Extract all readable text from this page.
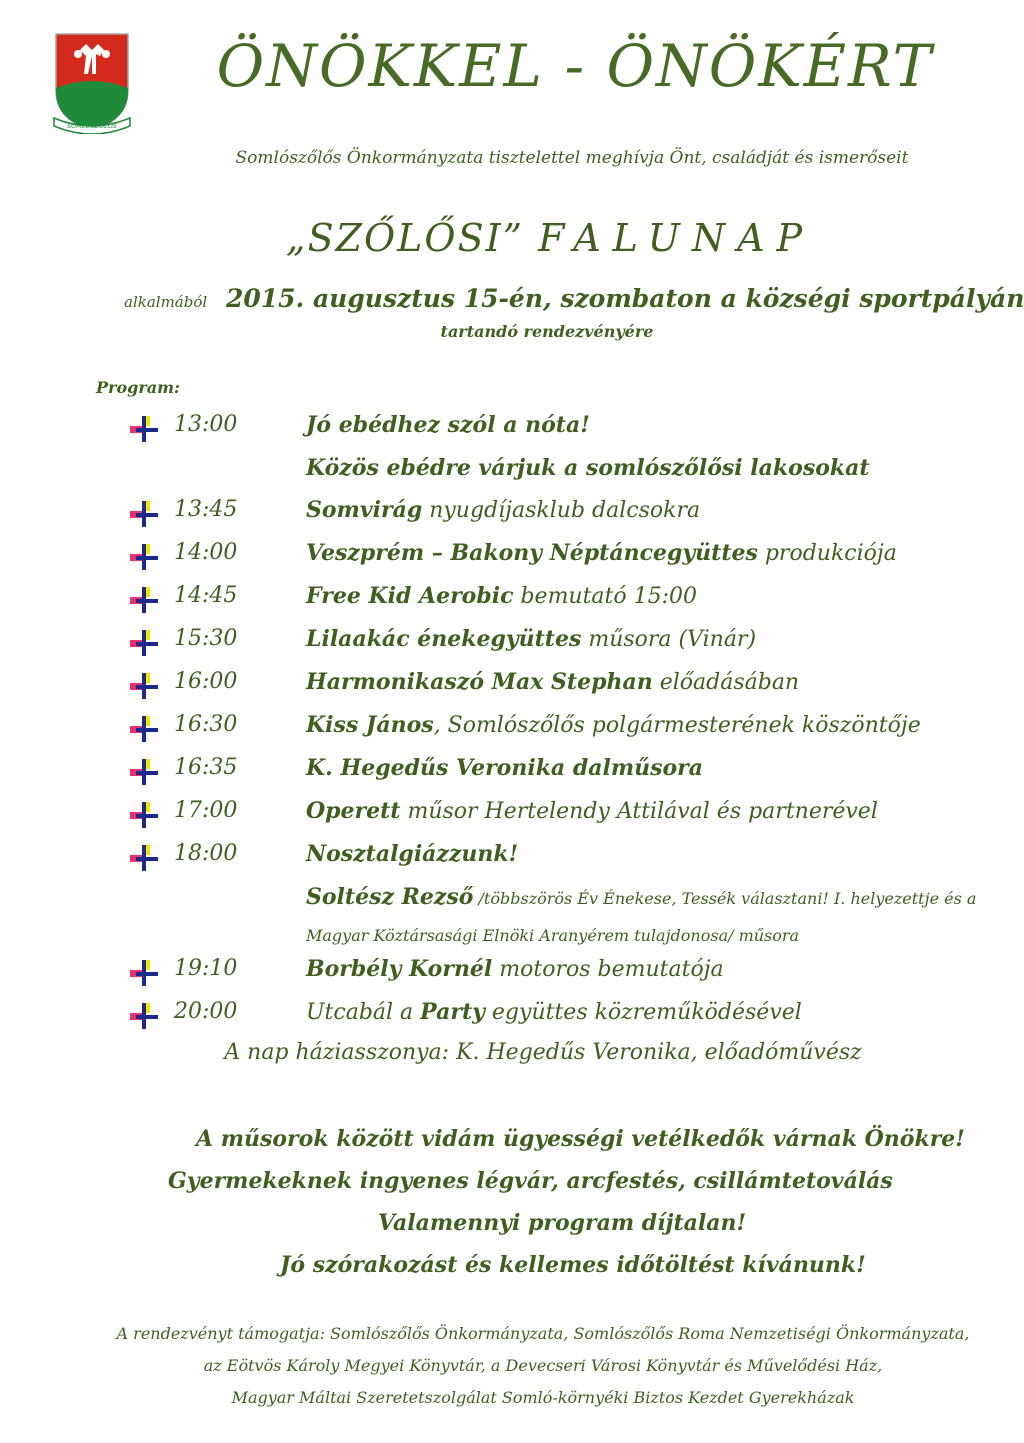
SOMLÓSZŐLŐS
ÖNÖKKEL - ÖNÖKÉRT
Somlószőlős Önkormányzata tisztelettel meghívja Önt, családját és ismerőseit
„SZŐLŐSI” FALUNAP
alkalmából 2015. augusztus 15-én, szombaton a községi sportpályán
tartandó rendezvényére
Program:
13:00	Jó ebédhez szól a nóta!
Közös ebédre várjuk a somlószőlősi lakosokat
13:45	Somvirág nyugdíjasklub dalcsokra
14:00	Veszprém – Bakony Néptáncegyüttes produkciója
14:45	Free Kid Aerobic bemutató 15:00
15:30	Lilaakác énekegyüttes műsora (Vinár)
16:00	Harmonikaszó Max Stephan előadásában
16:30	Kiss János, Somlószőlős polgármesterének köszöntője
16:35	K. Hegedűs Veronika dalműsora
17:00	Operett műsor Hertelendy Attilával és partnerével
18:00	Nosztalgiázzunk!
Soltész Rezső /többszörös Év Énekese, Tessék választani! I. helyezettje és a
Magyar Köztársasági Elnöki Aranyérem tulajdonosa/ műsora
19:10	Borbély Kornél motoros bemutatója
20:00	Utcabál a Party együttes közreműködésével
A nap háziasszonya: K. Hegedűs Veronika, előadóművész
A műsorok között vidám ügyességi vetélkedők várnak Önökre!
Gyermekeknek ingyenes légvár, arcfestés, csillámtetoválás
Valamennyi program díjtalan!
Jó szórakozást és kellemes időtöltést kívánunk!
A rendezvényt támogatja: Somlószőlős Önkormányzata, Somlószőlős Roma Nemzetiségi Önkormányzata,
az Eötvös Károly Megyei Könyvtár, a Devecseri Városi Könyvtár és Művelődési Ház,
Magyar Máltai Szeretetszolgálat Somló-környéki Biztos Kezdet Gyerekházak
